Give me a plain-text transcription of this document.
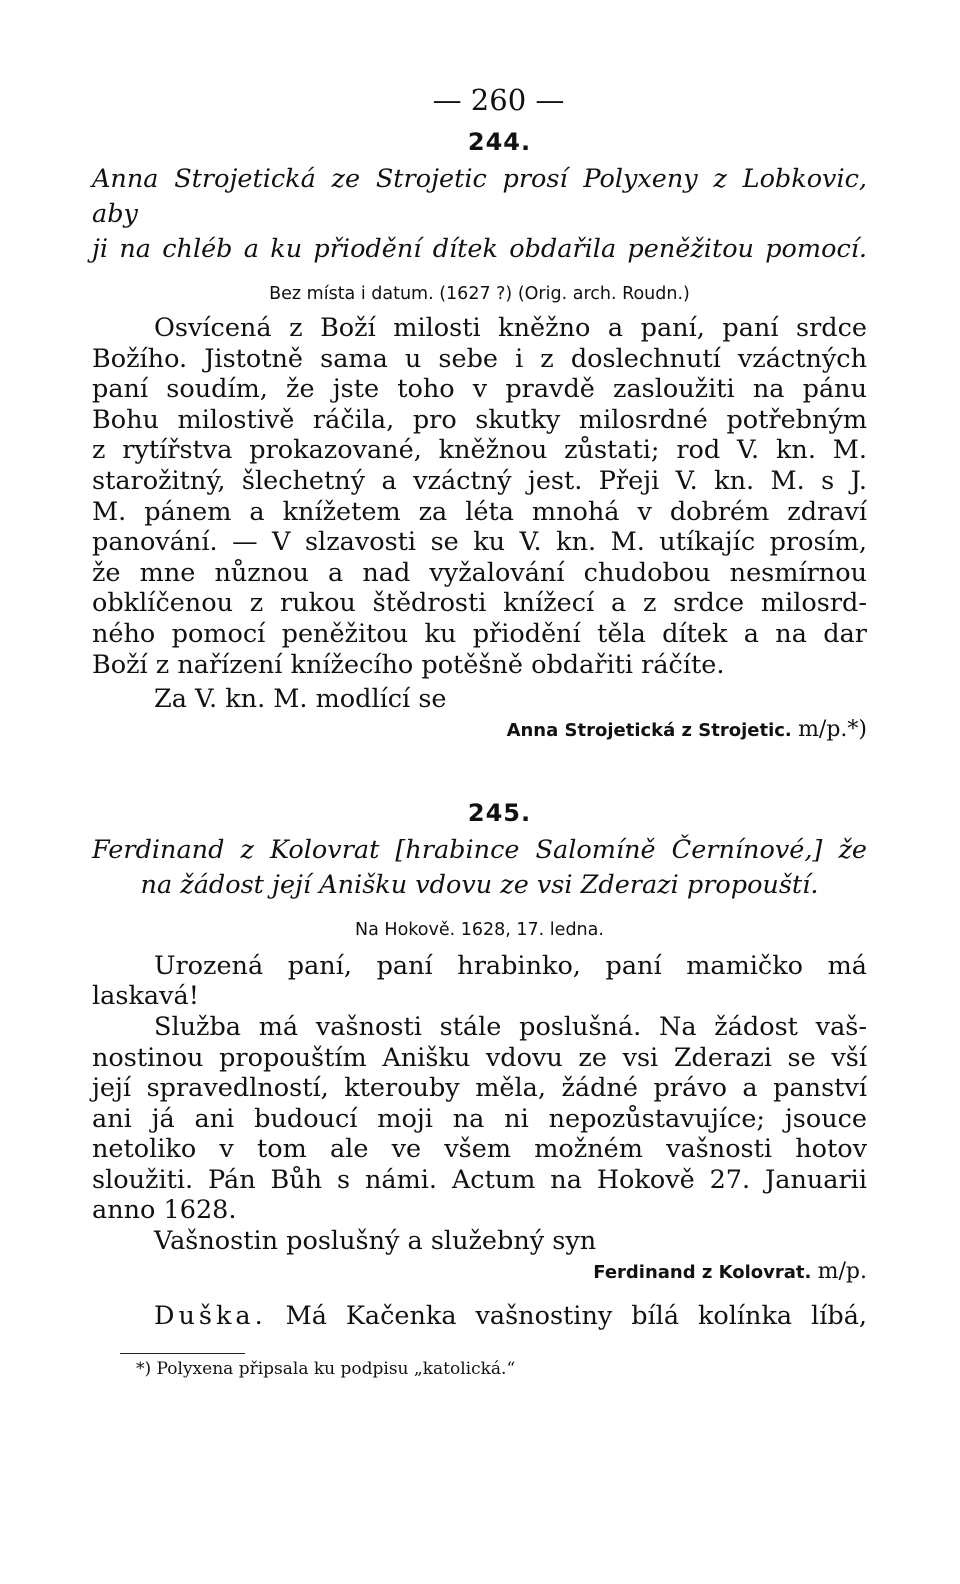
— 260 —
244.
Anna Strojetická ze Strojetic prosí Polyxeny z Lobkovic, aby
ji na chléb a ku přiodění dítek obdařila peněžitou pomocí.
Bez místa i datum. (1627 ?) (Orig. arch. Roudn.)
Osvícená z Boží milosti kněžno a paní, paní srdce
Božího. Jistotně sama u sebe i z doslechnutí vzáctných
paní soudím, že jste toho v pravdě zasloužiti na pánu
Bohu milostivě ráčila, pro skutky milosrdné potřebným
z rytířstva prokazované, kněžnou zůstati; rod V. kn. M.
starožitný, šlechetný a vzáctný jest. Přeji V. kn. M. s J.
M. pánem a knížetem za léta mnohá v dobrém zdraví
panování. — V slzavosti se ku V. kn. M. utíkajíc prosím,
že mne nůznou a nad vyžalování chudobou nesmírnou
obklíčenou z rukou štědrosti knížecí a z srdce milosrd-
ného pomocí peněžitou ku přiodění těla dítek a na dar
Boží z nařízení knížecího potěšně obdařiti ráčíte.
Za V. kn. M. modlící se
Anna Strojetická z Strojetic. m/p.*)
245.
Ferdinand z Kolovrat [hrabince Salomíně Černínové,] že
na žádost její Anišku vdovu ze vsi Zderazi propouští.
Na Hokově. 1628, 17. ledna.
Urozená paní, paní hrabinko, paní mamičko má
laskavá!
Služba má vašnosti stále poslušná. Na žádost vaš-
nostinou propouštím Anišku vdovu ze vsi Zderazi se vší
její spravedlností, kterouby měla, žádné právo a panství
ani já ani budoucí moji na ni nepozůstavujíce; jsouce
netoliko v tom ale ve všem možném vašnosti hotov
sloužiti. Pán Bůh s námi. Actum na Hokově 27. Januarii
anno 1628.
Vašnostin poslušný a služebný syn
Ferdinand z Kolovrat. m/p.
Duška. Má Kačenka vašnostiny bílá kolínka líbá,
*) Polyxena připsala ku podpisu „katolická.“
